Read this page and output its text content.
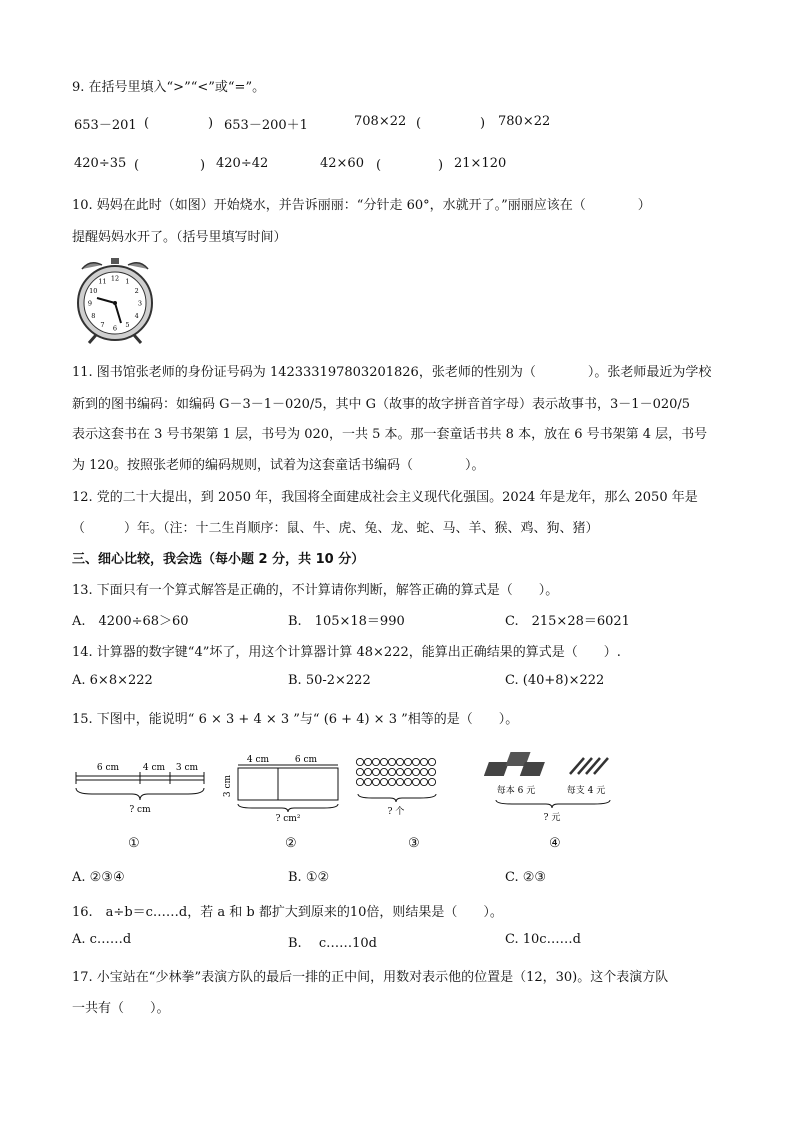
9. 在括号里填入“>”“<”或“=”。
653－201 (	) 653－200＋1	708×22 (	) 780×22
420÷35 (	) 420÷42	42×60 (	) 21×120
10. 妈妈在此时（如图）开始烧水，并告诉丽丽：“分针走 60°，水就开了。”丽丽应该在（　　　　）
提醒妈妈水开了。（括号里填写时间）
12 1
2
3
4
5
6
7
8
9
10
11
11. 图书馆张老师的身份证号码为 142333197803201826，张老师的性别为（　　　　）。张老师最近为学校
新到的图书编码：如编码 G－3－1－020/5，其中 G（故事的故字拼音首字母）表示故事书，3－1－020/5
表示这套书在 3 号书架第 1 层，书号为 020，一共 5 本。那一套童话书共 8 本，放在 6 号书架第 4 层，书号
为 120。按照张老师的编码规则，试着为这套童话书编码（　　　　）。
12. 党的二十大提出，到 2050 年，我国将全面建成社会主义现代化强国。2024 年是龙年，那么 2050 年是
（　　　）年。（注：十二生肖顺序：鼠、牛、虎、兔、龙、蛇、马、羊、猴、鸡、狗、猪）
三、细心比较，我会选（每小题 2 分，共 10 分）
13. 下面只有一个算式解答是正确的，不计算请你判断，解答正确的算式是（　　）。
A.　4200÷68＞60	B.　105×18＝990	C.　215×28＝6021
14. 计算器的数字键“4”坏了，用这个计算器计算 48×222，能算出正确结果的算式是（　　）.
A. 6×8×222	B. 50-2×222	C. (40+8)×222
15. 下图中，能说明“ 6 × 3 + 4 × 3 ”与“ (6 + 4) × 3 ”相等的是（　　）。
6 cm	4 cm 3 cm
? cm
4 cm	6 cm
3 cm
? cm²
? 个
每本 6 元	每支 4 元
? 元
①	②	③	④
A. ②③④	B. ①②	C. ②③
16.　a÷b＝c……d，若 a 和 b 都扩大到原来的10倍，则结果是（　　）。
A. c……d	B.　 c……10d	C. 10c……d
17. 小宝站在“少林拳”表演方队的最后一排的正中间，用数对表示他的位置是（12，30)。这个表演方队
一共有（　　）。
